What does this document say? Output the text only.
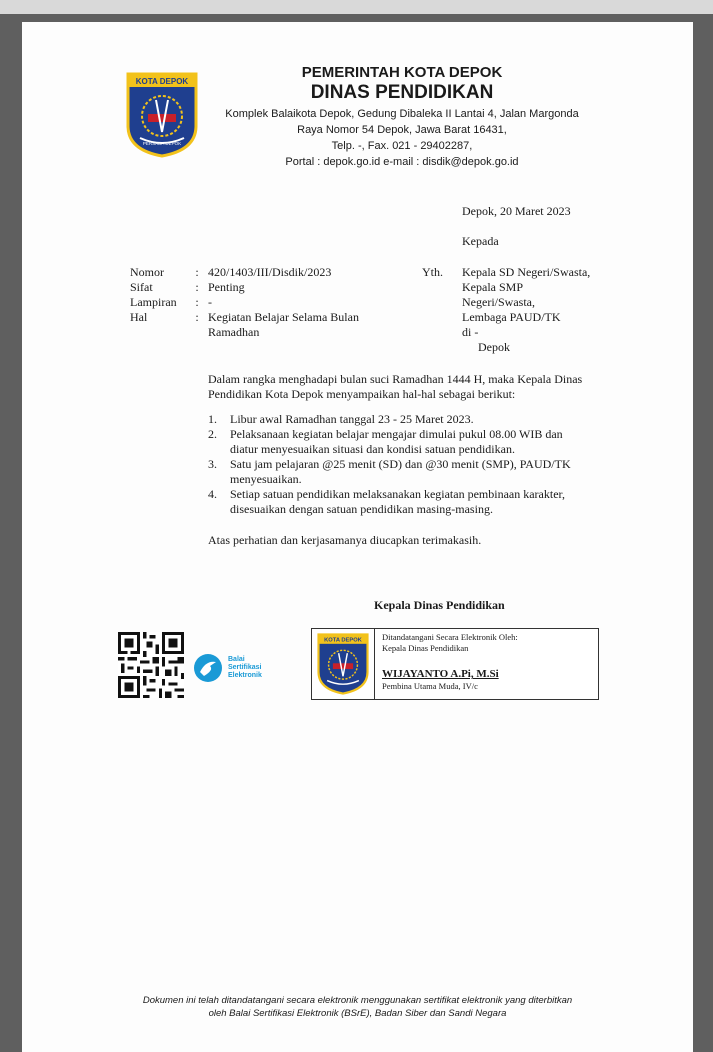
KOTA DEPOK
PERSADA DEPOK
PEMERINTAH KOTA DEPOK
DINAS PENDIDIKAN
Komplek Balaikota Depok, Gedung Dibaleka II Lantai 4, Jalan Margonda
Raya Nomor 54 Depok, Jawa Barat 16431,
Telp. -, Fax. 021 - 29402287,
Portal : depok.go.id e-mail : disdik@depok.go.id
Depok, 20 Maret 2023
Kepada
Nomor	: 420/1403/III/Disdik/2023
Sifat	: Penting
Lampiran	: -
Hal	: Kegiatan Belajar Selama Bulan
Ramadhan
Yth. Kepala SD Negeri/Swasta,
Kepala SMP
Negeri/Swasta,
Lembaga PAUD/TK
di -
Depok
Dalam rangka menghadapi bulan suci Ramadhan 1444 H, maka Kepala Dinas
Pendidikan Kota Depok menyampaikan hal-hal sebagai berikut:
1. Libur awal Ramadhan tanggal 23 - 25 Maret 2023.
2. Pelaksanaan kegiatan belajar mengajar dimulai pukul 08.00 WIB dan
diatur menyesuaikan situasi dan kondisi satuan pendidikan.
3. Satu jam pelajaran @25 menit (SD) dan @30 menit (SMP), PAUD/TK
menyesuaikan.
4. Setiap satuan pendidikan melaksanakan kegiatan pembinaan karakter,
disesuaikan dengan satuan pendidikan masing-masing.
Atas perhatian dan kerjasamanya diucapkan terimakasih.
Kepala Dinas Pendidikan
Balai
Sertifikasi
Elektronik
KOTA DEPOK Ditandatangani Secara Elektronik Oleh:
Kepala Dinas Pendidikan
WIJAYANTO A.Pi, M.Si
Pembina Utama Muda, IV/c
Dokumen ini telah ditandatangani secara elektronik menggunakan sertifikat elektronik yang diterbitkan
oleh Balai Sertifikasi Elektronik (BSrE), Badan Siber dan Sandi Negara
